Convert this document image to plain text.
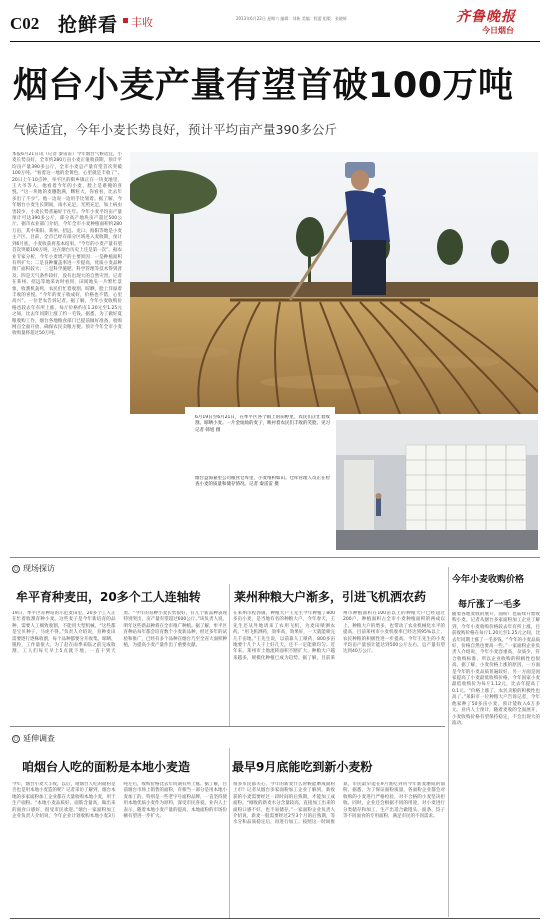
C02 抢鲜看 丰收	2013年6月22日 星期六 编辑：刘新 美编：程蕾 组版：张晓辉	齐鲁晚报
今日烟台
烟台小麦产量有望首破100万吨
气候适宜，今年小麦长势良好，预计平均亩产量390多公斤
本报6月21日讯（记者 秦雷雷）今年烟台气候适宜，小麦长势良好，全市约280万亩小麦正值收获期，预计平均亩产量390多公斤，全市小麦总产量有望首次突破100万吨。“看着这一地的金黄色，心里就是丰收了”。20日上午10点钟，举平区的街乡镇正在一块麦地里，王大爷等人，他看着今年的小麦，脸上是难掩的喜悦。“这一块地的麦穗饱满，颗粒大，你看看，比去年多出了不少”。他一边说一边用手比划着。据了解，今年烟台小麦生长期间，雨水充足，光照充足，加上病虫害较少，小麦长势普遍好于往年。今年小麦平均亩产量预计可达390多公斤，部分高产地块亩产超过500公斤。据市农业部门介绍，今年全市小麦种植面积约280万亩，其中莱阳、莱州、招远、龙口、海阳等地是小麦主产区。目前，全市已经有部分区域进入麦收期，预计到6月底，小麦收获将基本结束。“今年的小麦产量有望首次突破100万吨，这在烟台历史上还是第一次”。据农业专家分析，今年小麦增产的主要原因：一是种植面积有所扩大；二是良种覆盖率进一步提高，优质小麦品种推广面积较大；三是科学施肥、科学管理等技术得到普及；四是天气条件较好，没有出现大的自然灾害。记者在莱州、招远等地采访时看到，田间地头一片繁忙景象，收割机轰鸣，农民们忙着收割、晾晒，脸上洋溢着丰收的喜悦。“今年的麦子收成好，价格也不错，心里高兴”。一位老农告诉记者。据了解，今年小麦收购价格也较去年有所上涨，每斤价格约在1.20元至1.25元之间，比去年同期上涨了约一毛钱。据悉，为了做好夏粮收购工作，烟台各地粮食部门已提前做好准备，收购网点全面开放，确保农民卖粮方便。预计今年全市小麦收购量将超过50万吨。
6月19日至6月21日，在牟平区各个镇上的田野里，农民们正忙着收割、晾晒小麦。一片金灿灿的麦子，映衬着农民们丰收的笑脸。见习记者 韩旭 摄
烟台益海嘉里公司粮食仓库里，小麦堆积如山。仓库管理人员正在检查小麦的质量和储存情况。记者 秦雷雷 摄
○ 现场探访
牟平育种麦田，20多个工人连轴转
19日，牟平区育种站的示范麦田里，20多个工人正在忙着收割育种小麦。这些麦子是今年新培育的品种，需要人工细致收割，不能用大型机械。“这些都是宝贝种子，马虎不得。”负责人介绍说，育种麦田需要逐行逐株收割，每个品种都要分开收集、晾晒、脱粒，工作量很大。为了赶在雨季来临之前完成收割，工人们每天早上5点就下地，一直干到天黑。“今年的育种小麦长势很好，有几个新品种表现特别突出，亩产量有望超过600公斤。”该负责人说，明年这些新品种将在全市推广种植。据了解，牟平区育种站每年都会培育数个小麦新品种，经过多年的试验和推广，已经有多个品种在烟台乃至全省大面积种植，为提高小麦产量作出了重要贡献。
莱州种粮大户渐多，引进飞机洒农药
在莱州市程郭镇，种粮大户王先生今年种植了800多亩小麦，是当地有名的种粮大户。今年春天，王先生还从外地请来了农用飞机，为麦田喷洒农药。“用飞机洒药，效率高，效果好，一天就能喷完几千亩地。”王先生说，以前靠人工喷药，800多亩地要十几个人干上好几天，还不一定能喷均匀。近年来，莱州市土地流转面积不断扩大，种粮大户越来越多，规模化种植已成为趋势。据了解，目前莱州市种植面积在100亩以上的种粮大户已经超过200户，种植面积占全市小麦种植面积的两成以上。种粮大户的增多，也带动了农业机械化水平的提高，目前莱州市小麦机收率已经达到95%以上，农民种粮的积极性进一步提高。今年王先生的小麦平均亩产量预计能达到500公斤左右，总产量有望达到40万公斤。
○ 延伸调查
咱烟台人吃的面粉是本地小麦造
今年，烟台小麦大丰收，以后，咱烟台人吃的面粉是否也是用本地小麦造的呢？记者采访了解到，烟台本地的多家面粉加工企业都在大量收购本地小麦，用于生产面粉。“本地小麦品质好，面筋含量高，做出来的面食口感好，很受市民欢迎。”烟台一家面粉加工企业负责人介绍说，今年企业计划收购本地小麦3万吨左右，收购价格比去年同期有所上涨。据了解，目前烟台市场上销售的面粉，有相当一部分是用本地小麦加工的，特别是一些老字号面粉品牌，一直坚持使用本地优质小麦作为原料，深受市民喜爱。业内人士表示，随着本地小麦产量的提高，本地面粉的市场份额有望进一步扩大。
最早9月底能吃到新小麦粉
很多市民都关心，今年的新麦什么时候能磨成面粉上市？记者从烟台多家面粉加工企业了解到，新收获的小麦需要经过一段时间的后熟期，才能加工成面粉。“刚收的新麦水分含量较高，直接加工出来的面粉口感不好，也不易储存。”一家面粉企业负责人介绍说，新麦一般需要经过2至3个月的后熟期，等水分和品质稳定后，再进行加工。按照这一时间推算，市民最早能在9月底吃到用今年新麦磨成的面粉。据悉，为了保证面粉质量，各面粉企业都会对收购的小麦进行严格检验，对不合格的小麦坚决拒收。同时，企业还会根据不同的用途，对小麦进行分类储存和加工，生产出适合做馒头、面条、饺子等不同面食的专用面粉，满足市民的不同需求。
今年小麦收购价格
每斤涨了一毛多
随着各地麦收的展开，面粉厂也陆续开始收购小麦。记者从烟台多家面粉加工企业了解到，今年小麦收购价格较去年有所上涨，目前收购价格在每斤1.20元至1.25元之间，比去年同期上涨了一毛多钱。“今年的小麦品质好，价格自然也要高一些。”一家面粉企业负责人介绍说，今年小麦容重高，杂质少，符合收购标准，所以企业收购的积极性也很高。据了解，小麦价格上涨的原因，一方面是今年的小麦品质普遍较好，另一方面是国家提高了小麦最低收购价格，今年国家小麦最低收购价为每斤1.12元，比去年提高了0.1元。“价格上涨了，农民卖粮的积极性也高了。”莱阳市一位种粮大户告诉记者，今年他家种了50多亩小麦，预计能收入6万多元。业内人士预计，随着麦收的全面展开，小麦收购价格有望保持稳定，不会出现大的波动。
